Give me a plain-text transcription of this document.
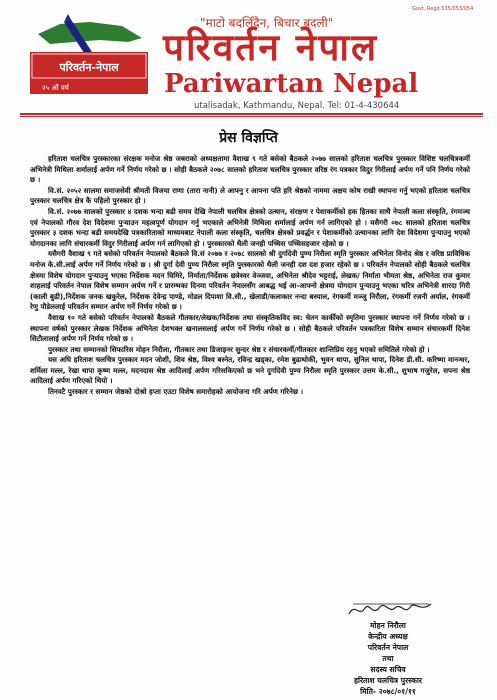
Govt. Regd.535/053/054
परिवर्तन-नेपाल
२५ औं वर्ष
"माटो बदलिँदैन, बिचार बदली"
परिवर्तन नेपाल
Pariwartan Nepal
utalisadak, Kathmandu, Nepal. Tel: 01-4-430644
प्रेस विज्ञप्ति

हरिताश चलचित्र पुरस्कारका संरक्षक मनोज श्रेष्ठ जबराको अध्यक्षतामा वैशाख ९ गते बसेको बैठकले २०७७ सालको हरिताश चलचित्र पुरस्कार विशिष्ट चलचित्रकर्मी अभिनेत्री मिथिला शर्मालाई अर्पण गर्ने निर्णय गरेको छ । सोही बैठकले २०७८ सालको हरिताश चलचित्र पुरस्कार वरिष्ठ रंग पत्रकार विदुर गिरीलाई अर्पण गर्ने पनि निर्णय गरेको छ ।

वि.सं. २०५२ सालमा समाजसेवी श्रीमती विजया राणा (तारा नानी) ले आफ्नु र आफ्ना पति हरि श्रेष्ठको नाममा अक्षय कोष राखी स्थापना गर्नु भएको हरिताश चलचित्र पुरस्कार चलचित्र क्षेत्र कै पहिलो पुरस्कार हो ।

वि.सं. २०७७ सालको पुरस्कार ४ दशक भन्दा बढी समय देखि नेपाली चलचित्र क्षेत्रको उत्थान, संरक्षण र पेशाकर्मीको हक हितका साथै नेपाली कला संस्कृति, रंगमञ्च एवं नेपालकाे गौरव देश विदेशमा पुऱ्याउन महत्वपूर्ण योगदान गर्नु भएकाले अभिनेत्री मिथिला शर्मालाई अर्पण गर्न लागिएको हो । यसैगरी ०७८ सालको हरिताश चलचित्र पुरस्कार ३ दशक भन्दा बढी समयदेखि पत्रकारिताको माध्यमबाट नेपाली कला संस्कृति, चलचित्र क्षेत्रको प्रवर्द्धन र पेशाकर्मीको उत्थानका लागि देश विदेशमा पुऱ्याउनु भएको योगदानका लागि संचारकर्मी विदुर गिरीलाई अर्पण गर्न लागिएको हो । पुरस्कारको थैली जनही पच्चिस पच्चिसहजार रहेको छ ।

यसैगरी वैशाख ९ गते बसेको परिवर्तन नेपालको बैठकले वि.सं २०७७ र २०७८ सालको श्री दुर्गादेवी पुण्य निरौला स्मृति पुरस्कार अभिनेता विनोद श्रेष्ठ र वरिष्ठ प्राविधिक मनोज के.सी.लाई अर्पण गर्ने निर्णय गरेको छ । श्री दुर्गा देवी पुण्य निरौला स्मृति पुरस्कारको थैली जनही दश दश हजार रहेको छ । परिवर्तन नेपालको सोही बैठकले चलचित्र क्षेत्रमा विशेष योगदान पुऱ्याउनु भएका निर्देशक मदन घिमिरे, निर्माता/निर्देशक छत्रेश्वर वेञ्जवा, अभिनेता श्रीदेव भट्टराई, लेखक/ निर्माता भीमता श्रेष्ठ, अभिनेता राज कुमार शाहलाई परिवर्तन नेपाल विशेष सम्मान अर्पण गर्ने र प्रारम्भका दिनमा परिवर्तन नेपालसँग आबद्ध भई आ-आफ्नो क्षेत्रमा योगदान पुऱ्याउनु भएका चरित्र अभिनेत्री शारदा गिरी (काली बुढी),निर्देशक जनक खकुरेल, निर्देशक देवेन्द्र पाण्डे, मोडल दिपाशा वि.सी., खेलाडी/कलाकार नन्दा बस्याल, रंगकर्मी मञ्जु निरौला, रंगकर्मी रजनी अर्याल, रंगकर्मी रेणु पौडेललाई परिवर्तन सम्मान अर्पण गर्ने निर्णय गरेको छ ।

वैशाख १० गते बसेको परिवर्तन नेपालको बैठकले गीतकार/लेखक/निर्देशक तथा संस्कृतिकविद स्व: चेतन कार्कीको स्मृतिमा पुरस्कार स्थापना गर्ने निर्णय गरेको छ । स्थापना वर्षको पुरस्कार लेखक निर्देशक अभिनेता देशभक्त खनालसलाई अर्पण गर्ने निर्णय गरेको छ । सोही बैठकले परिवर्तन पत्रकारिता विशेष सम्मान संचारकर्मी दिनेश सिटौलालाई अर्पण गर्ने निर्णय गरेको छ ।

पुरस्कार तथा सम्मानको सिफारिस मोहन निरौला, गीतकार तथा डिजाइनर सुन्दर श्रेष्ठ र संचारकर्मी/गीतकार शान्तिप्रिय रहनु भएको समितिले गरेको हो ।

यस अघि हरिताश चलचित्र पुरस्कार मदन जोशी, शिव श्रेष्ठ, विश्व बस्नेत, रविन्द्र खड्का, रमेश बुढाथोकी, भुवन थापा, सुनिल थापा, दिनेश डी.सी. करिष्मा मानन्धर, शर्मिला मल्ल, रेखा थापा कृष्ण मल्ल, मदनदास श्रेष्ठ आदिलाई अर्पण गरिसकिएको छ भने दुर्गादेवी पुण्य निरौला स्मृति पुरस्कार उत्तम के.सी., शुभाष गजुरेल, सपना श्रेष्ठ आदिलाई अर्पण गरिएको थियो ।

तिनवटै पुरस्कार र सम्मान जेष्ठको दोश्रो हप्ता एउटा विशेष समारोहको आयोजना गरि अर्पण गरिनेछ ।

मोहन निरौला
केन्द्रीय अध्यक्ष
परिवर्तन नेपाल
तथा
सदस्य सचिव
हरिताश चलचित्र पुरस्कार
मिति- २०७८/०१/११
